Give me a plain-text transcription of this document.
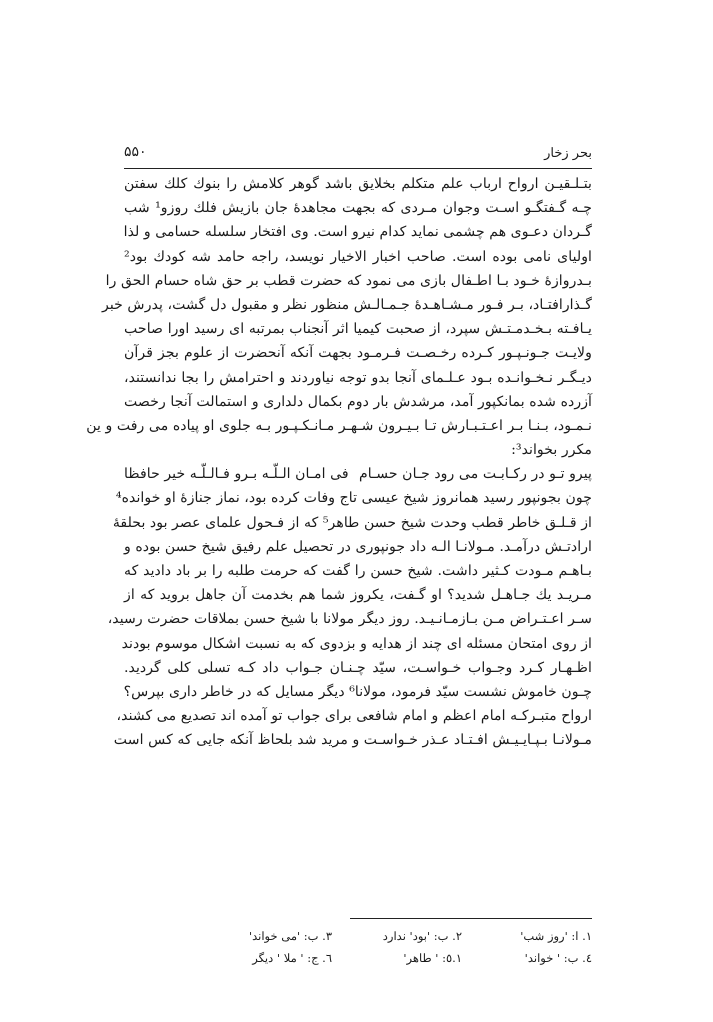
بحر زخار
۵۵۰
بتـلـقیـن ارواح ارباب علم متکلم بخلایق باشد گوهر کلامش را بنوك کلك سفتن
چـه گـفتگـو اسـت وجوان مـردی که بجهت مجاهدۀ جان بازیش فلك روزو¹ شب
گـردان دعـوی هم چشمی نماید کدام نیرو است. وی افتخار سلسله حسامی و لذا
اولیای نامی بوده است. صاحب اخبار الاخیار نویسد، راجه حامد شه کودك بود²
بـدروازۀ خـود بـا اطـفال بازی می نمود که حضرت قطب بر حق شاه حسام الحق را
گـذارافتـاد، بـر فـور مـشـاهـدۀ جـمـالـش منظور نظر و مقبول دل گشت، پدرش خبر
یـافـته بـخـدمـتـش سپرد، از صحبت کیمیا اثر آنجناب بمرتبه ای رسید اورا صاحب
ولایـت جـونـپـور کـرده رخـصـت فـرمـود بجهت آنکه آنحضرت از علوم بجز قرآن
دیـگـر نـخـوانـده بـود عـلـمای آنجا بدو توجه نیاوردند و احترامش را بجا ندانستند،
آزرده شده بمانکپور آمد، مرشدش بار دوم بکمال دلداری و استمالت آنجا رخصت
نـمـود، بـنـا بـر اعـتـبـارش تـا بـیـرون شـهـر مـانـكـپـور بـه جلوی او پیاده می رفت و ین
مکرر بخواند³:
پیرو تـو در رکـابـت می رود جـان حسـام
فی امـان الـلّـه بـرو فـالـلّـه خیر حافظا
چون بجونپور رسید همانروز شیخ عیسی تاج وفات کرده بود، نماز جنازۀ او خوانده⁴
از قـلـق خاطر قطب وحدت شیخ حسن طاهر⁵ که از فـحول علمای عصر بود بحلقۀ
ارادتـش درآمـد. مـولانـا الـه داد جونپوری در تحصیل علم رفیق شیخ حسن بوده و
بـاهـم مـودت کـثیر داشت. شیخ حسن را گفت که حرمت طلبه را بر باد دادید که
مـریـد یك جـاهـل شدید؟ او گـفت، یکروز شما هم بخدمت آن جاهل بروید که از
سـر اعـتـراض مـن بـازمـانـیـد. روز دیگر مولانا با شیخ حسن بملاقات حضرت رسید،
از روی امتحان مسئله ای چند از هدایه و بزدوی که به نسبت اشکال موسوم بودند
اظـهـار کـرد وجـواب خـواسـت، سیّد چـنـان جـواب داد کـه تسلی کلی گردید.
چـون خاموش نشست سیّد فرمود، مولانا⁶ دیگر مسایل که در خاطر داری بپرس؟
ارواح متبـرکـه امام اعظم و امام شافعی برای جواب تو آمده اند تصدیع می کشند،
مـولانـا بـپـایـیـش افـتـاد عـذر خـواسـت و مرید شد بلحاظ آنکه جایی که کس است
۱. ا: 'روز شب'
۲. ب: 'بود' ندارد
۳. ب: 'می خواند'
٤. ب: ' خواند'
۱.٥: ' طاهر'
٦. ج: ' ملا ' دیگر
